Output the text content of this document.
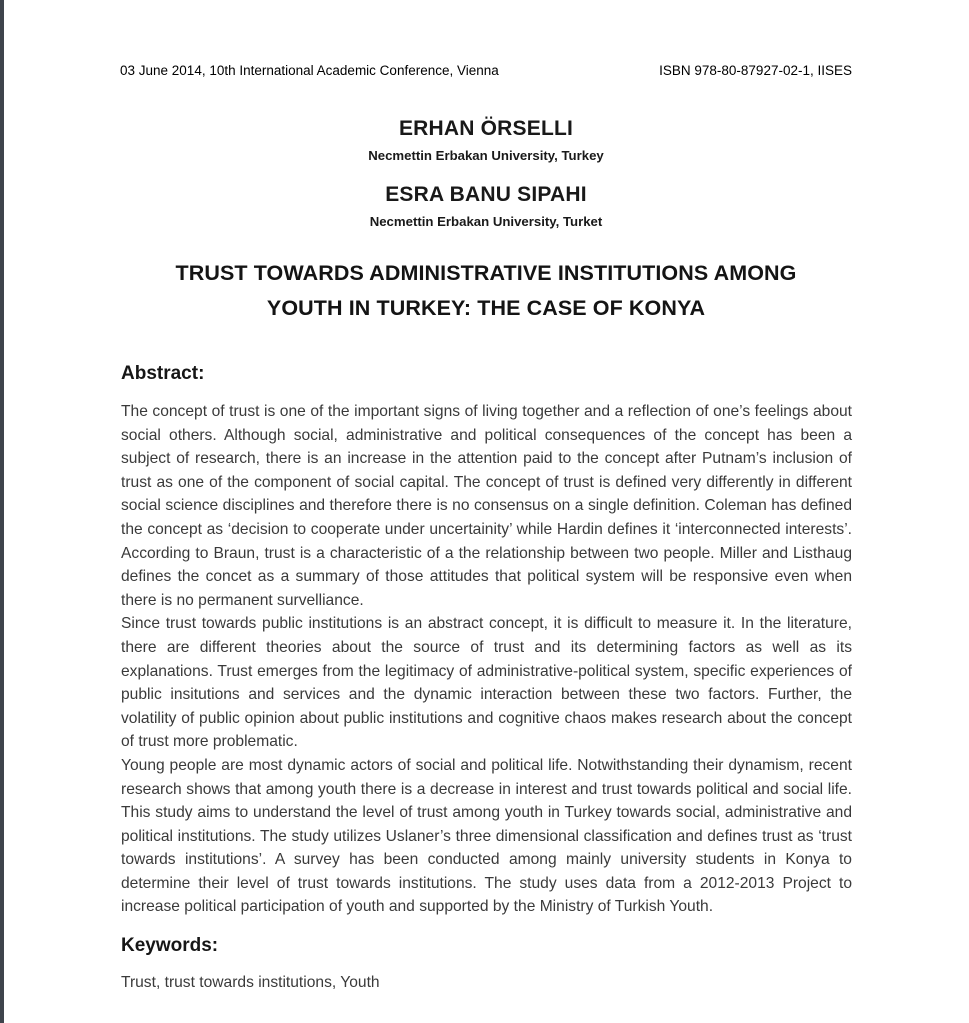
03 June 2014, 10th International Academic Conference, Vienna	ISBN 978-80-87927-02-1, IISES
ERHAN ÖRSELLI
Necmettin Erbakan University, Turkey
ESRA BANU SIPAHI
Necmettin Erbakan University, Turket
TRUST TOWARDS ADMINISTRATIVE INSTITUTIONS AMONG
YOUTH IN TURKEY: THE CASE OF KONYA
Abstract:

The concept of trust is one of the important signs of living together and a reflection of one’s feelings about social others. Although social, administrative and political consequences of the concept has been a subject of research, there is an increase in the attention paid to the concept after Putnam’s inclusion of trust as one of the component of social capital. The concept of trust is defined very differently in different social science disciplines and therefore there is no consensus on a single definition. Coleman has defined the concept as ‘decision to cooperate under uncertainity’ while Hardin defines it ‘interconnected interests’. According to Braun, trust is a characteristic of a the relationship between two people. Miller and Listhaug defines the concet as a summary of those attitudes that political system will be responsive even when there is no permanent survelliance.

Since trust towards public institutions is an abstract concept, it is difficult to measure it. In the literature, there are different theories about the source of trust and its determining factors as well as its explanations. Trust emerges from the legitimacy of administrative-political system, specific experiences of public insitutions and services and the dynamic interaction between these two factors. Further, the volatility of public opinion about public institutions and cognitive chaos makes research about the concept of trust more problematic.

Young people are most dynamic actors of social and political life. Notwithstanding their dynamism, recent research shows that among youth there is a decrease in interest and trust towards political and social life. This study aims to understand the level of trust among youth in Turkey towards social, administrative and political institutions. The study utilizes Uslaner’s three dimensional classification and defines trust as ‘trust towards institutions’. A survey has been conducted among mainly university students in Konya to determine their level of trust towards institutions. The study uses data from a 2012-2013 Project to increase political participation of youth and supported by the Ministry of Turkish Youth.

Keywords:

Trust, trust towards institutions, Youth
